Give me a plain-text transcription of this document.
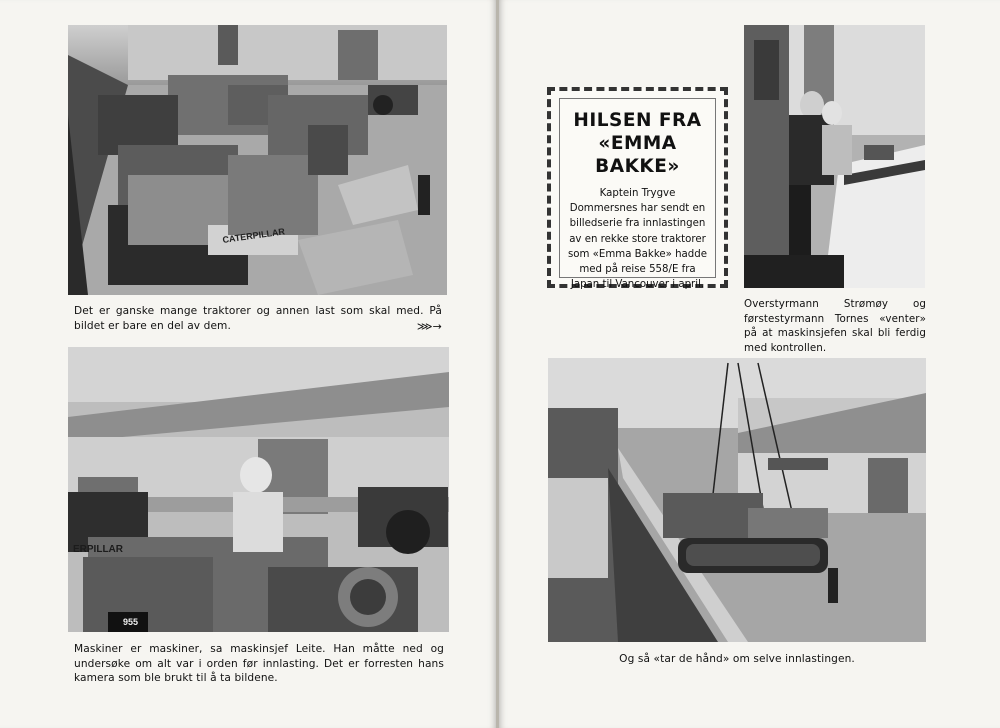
CATERPILLAR
Det er ganske mange traktorer og annen last som skal med. På bildet er bare en del av dem.	⋙→
ERPILLAR
955
Maskiner er maskiner, sa maskinsjef Leite. Han måtte ned og undersøke om alt var i orden før innlasting. Det er forresten hans kamera som ble brukt til å ta bildene.
HILSEN FRA
«EMMA BAKKE»

Kaptein Trygve Dommersnes har sendt en billedserie fra innlastingen av en rekke store traktorer som «Emma Bakke» hadde med på reise 558/E fra Japan til Vancouver i april.

Overstyrmann Strømøy og førstestyrmann Tornes «venter» på at maskinsjefen skal bli ferdig med kontrollen.
Og så «tar de hånd» om selve innlastingen.
